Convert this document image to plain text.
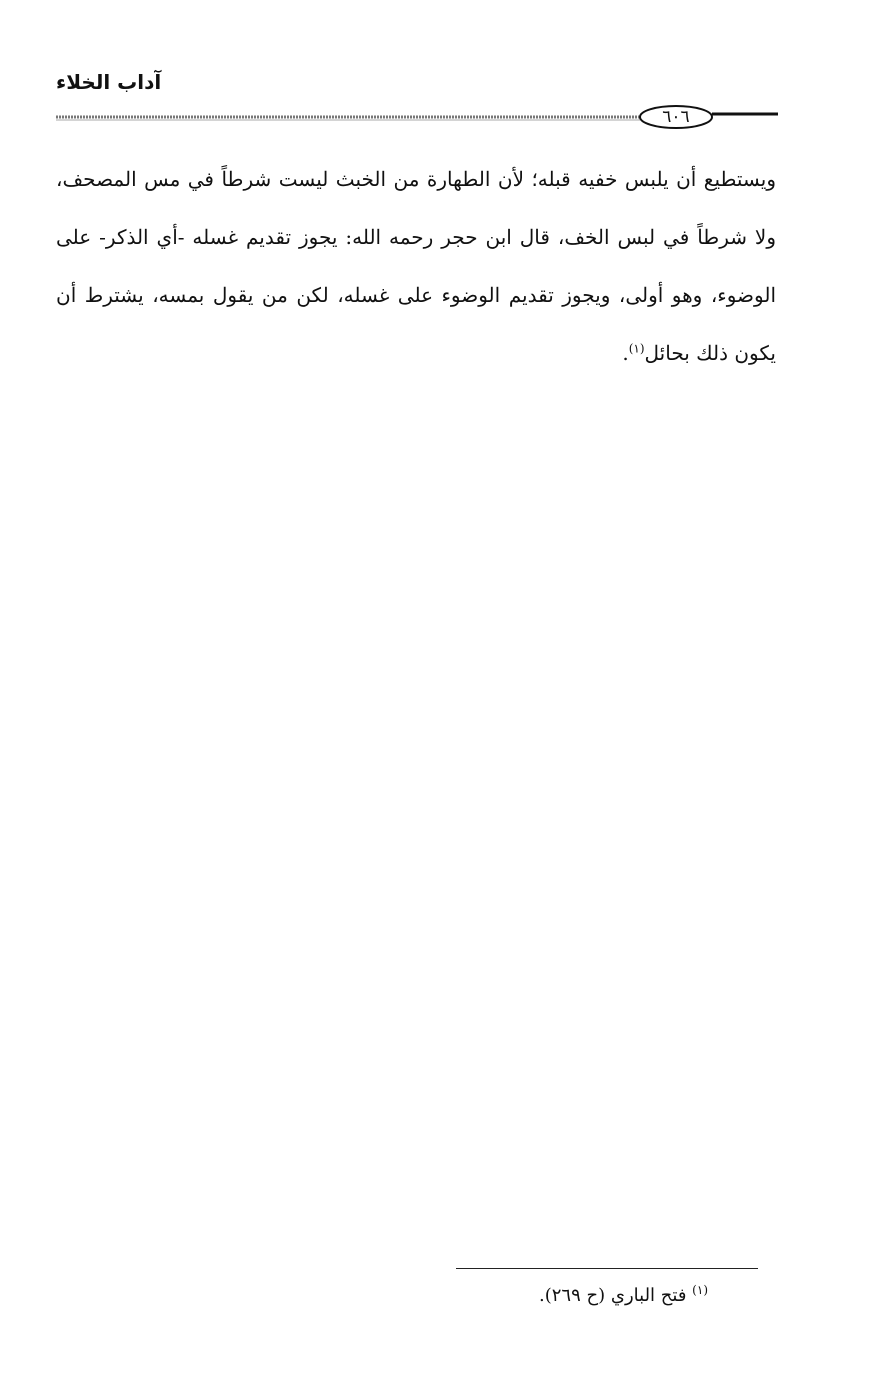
آداب الخلاء
٦٠٦

ويستطيع أن يلبس خفيه قبله؛ لأن الطهارة من الخبث ليست شرطاً في مس المصحف، ولا شرطاً في لبس الخف، قال ابن حجر رحمه الله: يجوز تقديم غسله -أي الذكر- على الوضوء، وهو أولى، ويجوز تقديم الوضوء على غسله، لكن من يقول بمسه، يشترط أن يكون ذلك بحائل$^{(١)}$.

$^{(١)}$ فتح الباري (ح ٢٦٩).
